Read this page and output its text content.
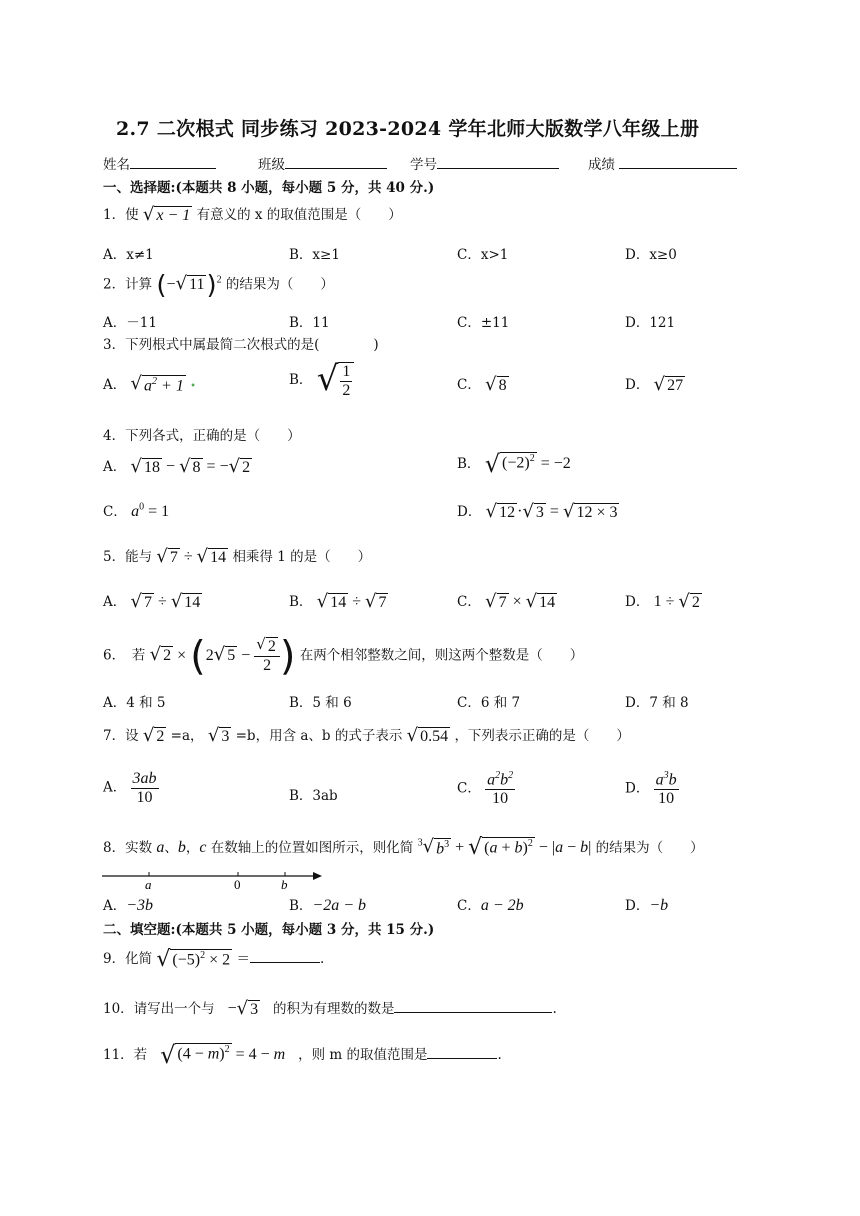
2.7 二次根式 同步练习 2023-2024 学年北师大版数学八年级上册
姓名	班级	学号	成绩
一、选择题:(本题共 8 小题，每小题 5 分，共 40 分.)
1．使 √ x − 1 有意义的 x 的取值范围是（　　）
A．x≠1	B．x≥1	C．x>1	D．x≥0
2．计算 (− √ 11 )$^2$ 的结果为（　　）
A．－11	B．11	C．±11	D．121
3．下列根式中属最简二次根式的是(　　　　)
A． √ $a^2 + 1$ •	B． √ $\frac{1}{2}$	C． √ 8	D． √ 27
4．下列各式，正确的是（　　）
A． √ 18 − √ 8 = − √ 2	B． √ $(-2)^2 = -2$
C． $a^0 = 1$	D． √ 12 · √ 3 = √ 12 × 3
5．能与 √ 7 ÷ √ 14 相乘得 1 的是（　　）
A． √ 7 ÷ √ 14	B． √ 14 ÷ √ 7	C． √ 7 × √ 14	D． 1 ÷ √ 2
6．　若 √ 2 × (2 √ $5 - \frac{√ 2}{2}$ ) 在两个相邻整数之间，则这两个整数是（　　）
A．4 和 5	B．5 和 6	C．6 和 7	D．7 和 8
7．设 √ 2 =a， √ 3 =b，用含 a、b 的式子表示 √ 0.54 ，下列表示正确的是（　　）
A． $\frac{3ab}{10}$	B．3ab	C． $\frac{a^2b^2}{10}$	D． $\frac{a^3b}{10}$
8．实数 a、b，c 在数轴上的位置如图所示，则化简 $^3$ √ $b^3$ + √ $(a + b)^2 - |a - b|$ 的结果为（　　）
a	0	b
A．−3b	B．−2a − b	C．a − 2b	D．−b
二、填空题:(本题共 5 小题，每小题 3 分，共 15 分.)
9．化简 √ $(-5)^2 \times 2$ ＝	.
10．请写出一个与 − √ 3 的积为有理数的数是	.
11．若 √ $(4 - m)^2 = 4 - m$ ，则 m 的取值范围是	.
